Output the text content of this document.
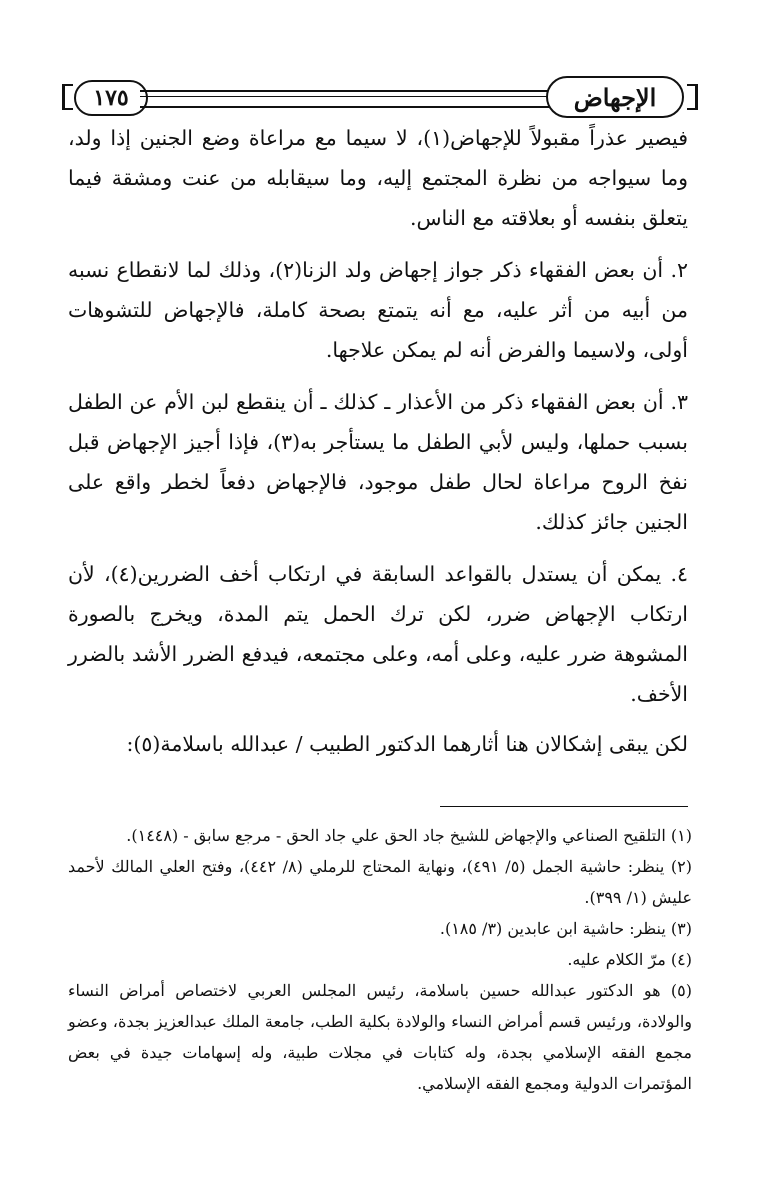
١٧٥	الإجهاض

فيصير عذراً مقبولاً للإجهاض(١)، لا سيما مع مراعاة وضع الجنين إذا ولد، وما سيواجه من نظرة المجتمع إليه، وما سيقابله من عنت ومشقة فيما يتعلق بنفسه أو بعلاقته مع الناس.

٢. أن بعض الفقهاء ذكر جواز إجهاض ولد الزنا(٢)، وذلك لما لانقطاع نسبه من أبيه من أثر عليه، مع أنه يتمتع بصحة كاملة، فالإجهاض للتشوهات أولى، ولاسيما والفرض أنه لم يمكن علاجها.

٣. أن بعض الفقهاء ذكر من الأعذار ـ كذلك ـ أن ينقطع لبن الأم عن الطفل بسبب حملها، وليس لأبي الطفل ما يستأجر به(٣)، فإذا أجيز الإجهاض قبل نفخ الروح مراعاة لحال طفل موجود، فالإجهاض دفعاً لخطر واقع على الجنين جائز كذلك.

٤. يمكن أن يستدل بالقواعد السابقة في ارتكاب أخف الضررين(٤)، لأن ارتكاب الإجهاض ضرر، لكن ترك الحمل يتم المدة، ويخرج بالصورة المشوهة ضرر عليه، وعلى أمه، وعلى مجتمعه، فيدفع الضرر الأشد بالضرر الأخف.

لكن يبقى إشكالان هنا أثارهما الدكتور الطبيب / عبدالله باسلامة(٥):

(١) التلقيح الصناعي والإجهاض للشيخ جاد الحق علي جاد الحق - مرجع سابق - (١٤٤٨).

(٢) ينظر: حاشية الجمل (٥/ ٤٩١)، ونهاية المحتاج للرملي (٨/ ٤٤٢)، وفتح العلي المالك لأحمد عليش (١/ ٣٩٩).

(٣) ينظر: حاشية ابن عابدين (٣/ ١٨٥).

(٤) مرّ الكلام عليه.

(٥) هو الدكتور عبدالله حسين باسلامة، رئيس المجلس العربي لاختصاص أمراض النساء والولادة، ورئيس قسم أمراض النساء والولادة بكلية الطب، جامعة الملك عبدالعزيز بجدة، وعضو مجمع الفقه الإسلامي بجدة، وله كتابات في مجلات طبية، وله إسهامات جيدة في بعض المؤتمرات الدولية ومجمع الفقه الإسلامي.
